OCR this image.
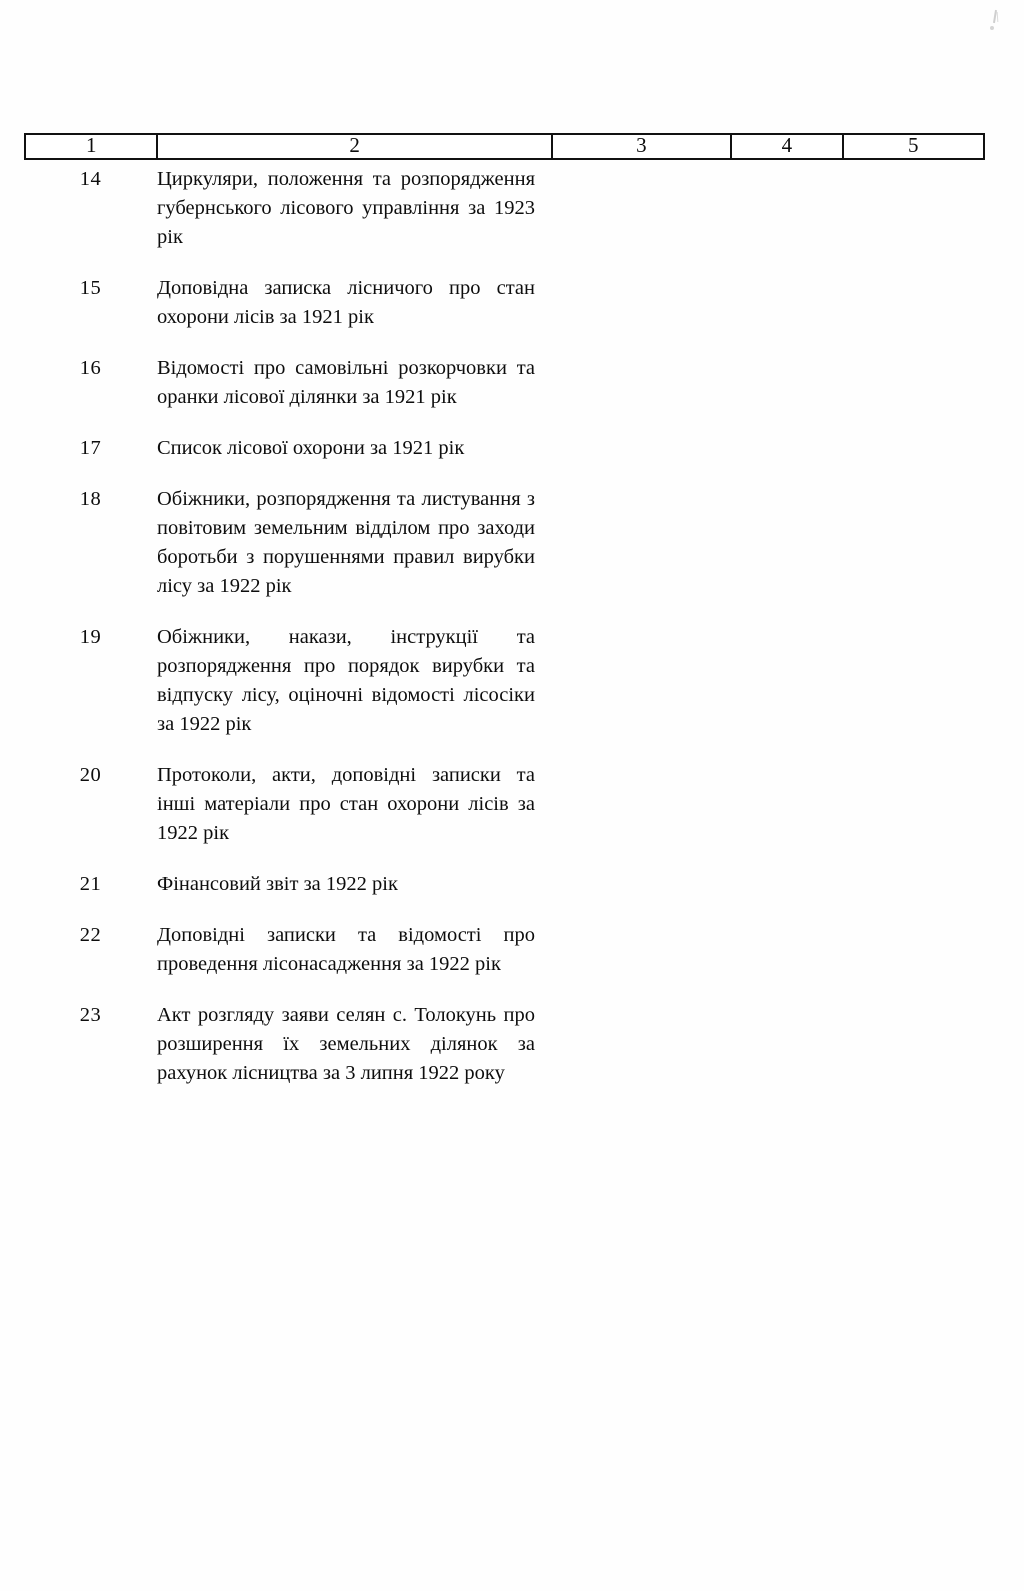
1	2	3	4	5
14	Циркуляри, положення та розпорядження губернського лісового управління за 1923 рік
15	Доповідна записка лісничого про стан охорони лісів за 1921 рік
16	Відомості про самовільні розкорчовки та оранки лісової ділянки за 1921 рік
17	Список лісової охорони за 1921 рік
18	Обіжники, розпорядження та листування з повітовим земельним відділом про заходи боротьби з порушеннями правил вирубки лісу за 1922 рік
19	Обіжники, накази, інструкції та розпорядження про порядок вирубки та відпуску лісу, оціночні відомості лісосіки за 1922 рік
20	Протоколи, акти, доповідні записки та інші матеріали про стан охорони лісів за 1922 рік
21	Фінансовий звіт за 1922 рік
22	Доповідні записки та відомості про проведення лісонасадження за 1922 рік
23	Акт розгляду заяви селян с. Толокунь про розширення їх земельних ділянок за рахунок лісництва за 3 липня 1922 року
